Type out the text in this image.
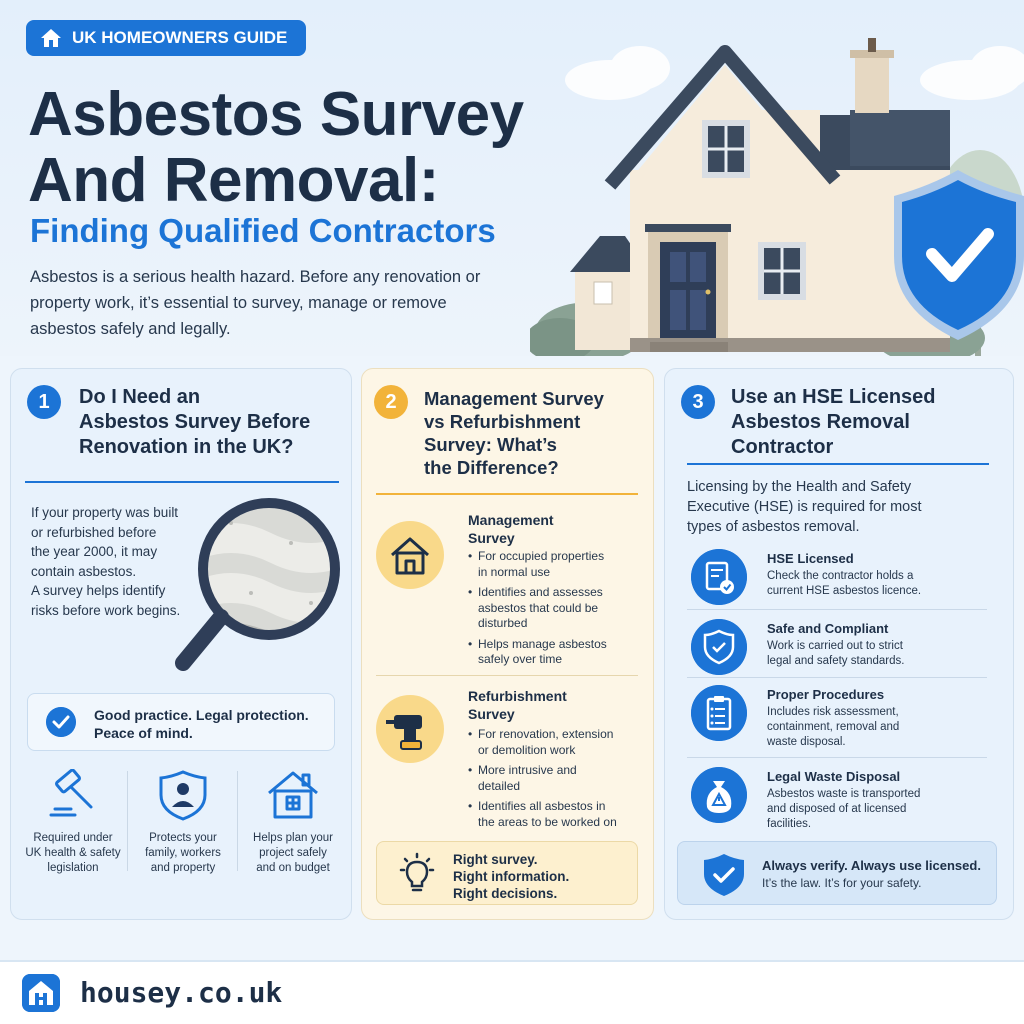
UK HOMEOWNERS GUIDE
Asbestos Survey
And Removal:
Finding Qualified Contractors
Asbestos is a serious health hazard. Before any renovation or property work, it’s essential to survey, manage or remove asbestos safely and legally.
1	Do I Need an
Asbestos Survey Before
Renovation in the UK?
If your property was built
or refurbished before
the year 2000, it may
contain asbestos.
A survey helps identify
risks before work begins.
Good practice. Legal protection.
Peace of mind.
Required under
UK health & safety
legislation
Protects your
family, workers
and property
Helps plan your
project safely
and on budget
2	Management Survey
vs Refurbishment
Survey: What’s
the Difference?
Management
Survey
• For occupied properties
in normal use
• Identifies and assesses
asbestos that could be
disturbed
• Helps manage asbestos
safely over time
Refurbishment
Survey
• For renovation, extension
or demolition work
• More intrusive and
detailed
• Identifies all asbestos in
the areas to be worked on
Right survey.
Right information.
Right decisions.
3	Use an HSE Licensed
Asbestos Removal
Contractor
Licensing by the Health and Safety
Executive (HSE) is required for most
types of asbestos removal.
HSE Licensed
Check the contractor holds a
current HSE asbestos licence.
Safe and Compliant
Work is carried out to strict
legal and safety standards.
Proper Procedures
Includes risk assessment,
containment, removal and
waste disposal.
Legal Waste Disposal
Asbestos waste is transported
and disposed of at licensed
facilities.
Always verify. Always use licensed.
It’s the law. It’s for your safety.
housey.co.uk
